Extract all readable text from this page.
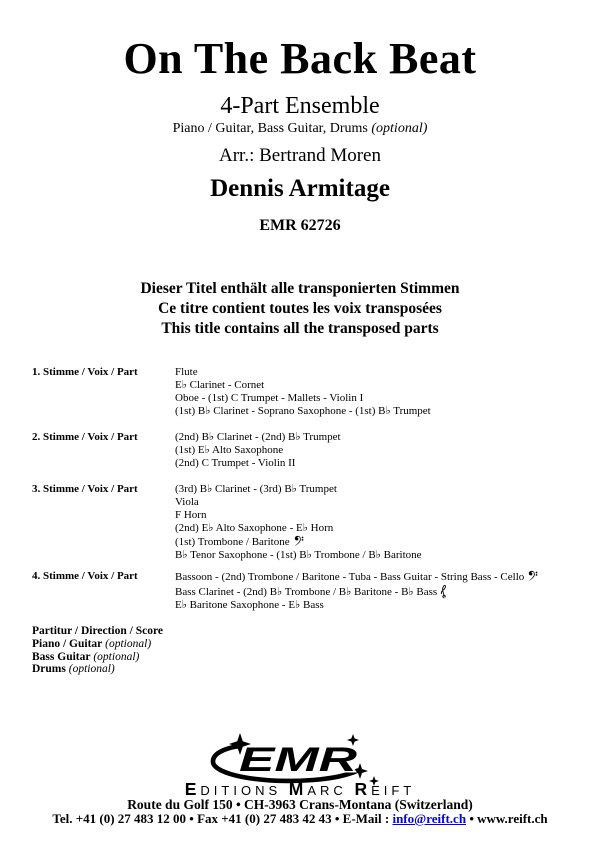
On The Back Beat
4-Part Ensemble
Piano / Guitar, Bass Guitar, Drums (optional)
Arr.: Bertrand Moren
Dennis Armitage
EMR 62726
Dieser Titel enthält alle transponierten Stimmen
Ce titre contient toutes les voix transposées
This title contains all the transposed parts
1. Stimme / Voix / Part	Flute
E♭ Clarinet - Cornet
Oboe - (1st) C Trumpet - Mallets - Violin I
(1st) B♭ Clarinet - Soprano Saxophone - (1st) B♭ Trumpet
2. Stimme / Voix / Part	(2nd) B♭ Clarinet - (2nd) B♭ Trumpet
(1st) E♭ Alto Saxophone
(2nd) C Trumpet - Violin II
3. Stimme / Voix / Part	(3rd) B♭ Clarinet - (3rd) B♭ Trumpet
Viola
F Horn
(2nd) E♭ Alto Saxophone - E♭ Horn
(1st) Trombone / Baritone
B♭ Tenor Saxophone - (1st) B♭ Trombone / B♭ Baritone
4. Stimme / Voix / Part	Bassoon - (2nd) Trombone / Baritone - Tuba - Bass Guitar - String Bass - Cello
Bass Clarinet - (2nd) B♭ Trombone / B♭ Baritone - B♭ Bass
E♭ Baritone Saxophone - E♭ Bass
Partitur / Direction / Score
Piano / Guitar (optional)
Bass Guitar (optional)
Drums (optional)
EMR
EDITIONS MARC REIFT
Route du Golf 150 • CH-3963 Crans-Montana (Switzerland)
Tel. +41 (0) 27 483 12 00 • Fax +41 (0) 27 483 42 43 • E-Mail : info@reift.ch • www.reift.ch
